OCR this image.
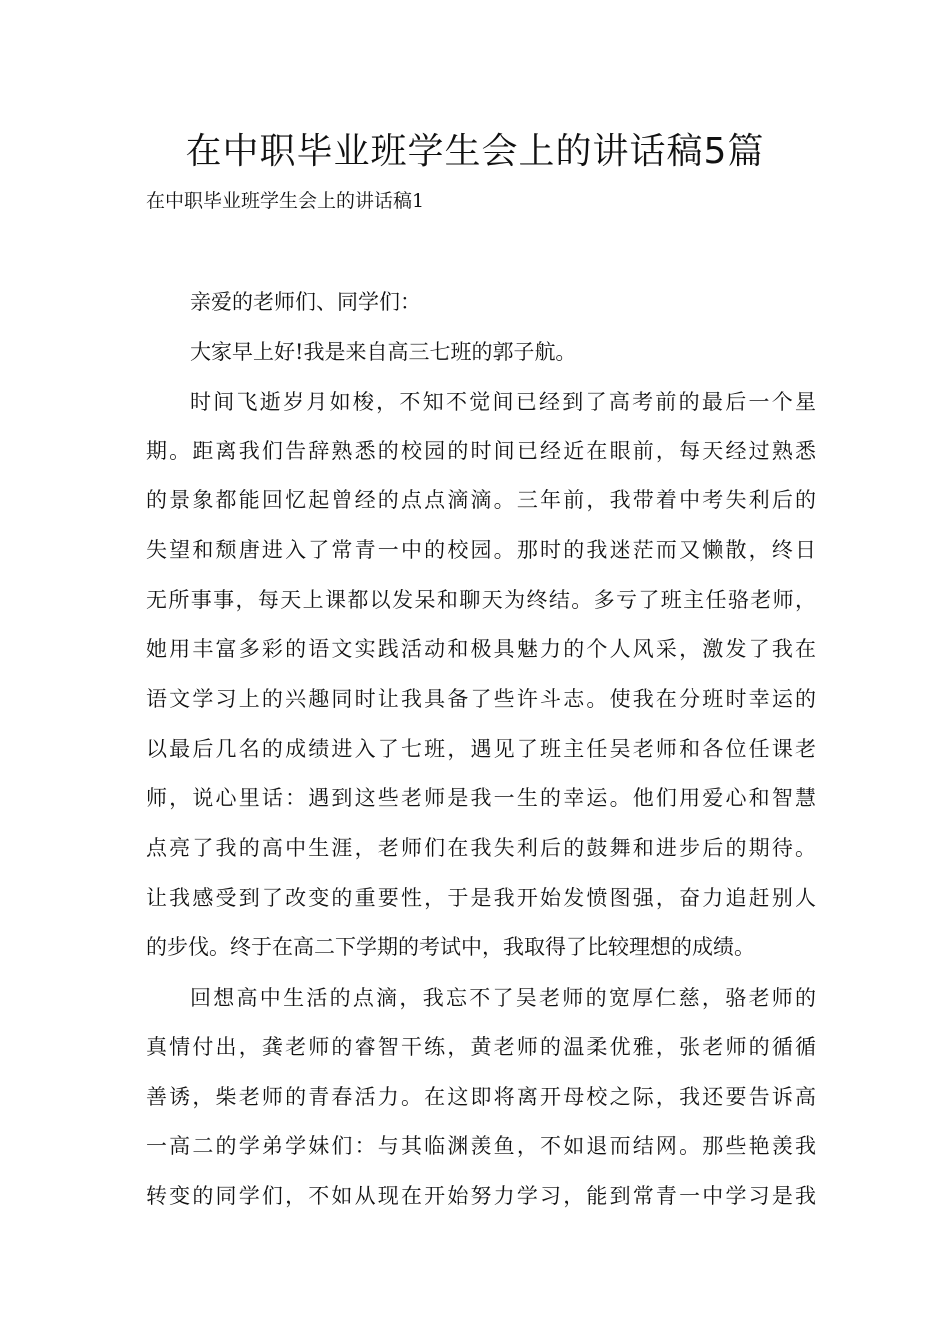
在中职毕业班学生会上的讲话稿5篇

在中职毕业班学生会上的讲话稿1

亲爱的老师们、同学们：

大家早上好!我是来自高三七班的郭子航。

时间飞逝岁月如梭，不知不觉间已经到了高考前的最后一个星

期。距离我们告辞熟悉的校园的时间已经近在眼前，每天经过熟悉

的景象都能回忆起曾经的点点滴滴。三年前，我带着中考失利后的

失望和颓唐进入了常青一中的校园。那时的我迷茫而又懒散，终日

无所事事，每天上课都以发呆和聊天为终结。多亏了班主任骆老师，

她用丰富多彩的语文实践活动和极具魅力的个人风采，激发了我在

语文学习上的兴趣同时让我具备了些许斗志。使我在分班时幸运的

以最后几名的成绩进入了七班，遇见了班主任吴老师和各位任课老

师，说心里话：遇到这些老师是我一生的幸运。他们用爱心和智慧

点亮了我的高中生涯，老师们在我失利后的鼓舞和进步后的期待。

让我感受到了改变的重要性，于是我开始发愤图强，奋力追赶别人

的步伐。终于在高二下学期的考试中，我取得了比较理想的成绩。

回想高中生活的点滴，我忘不了吴老师的宽厚仁慈，骆老师的

真情付出，龚老师的睿智干练，黄老师的温柔优雅，张老师的循循

善诱，柴老师的青春活力。在这即将离开母校之际，我还要告诉高

一高二的学弟学妹们：与其临渊羡鱼，不如退而结网。那些艳羡我

转变的同学们，不如从现在开始努力学习，能到常青一中学习是我
